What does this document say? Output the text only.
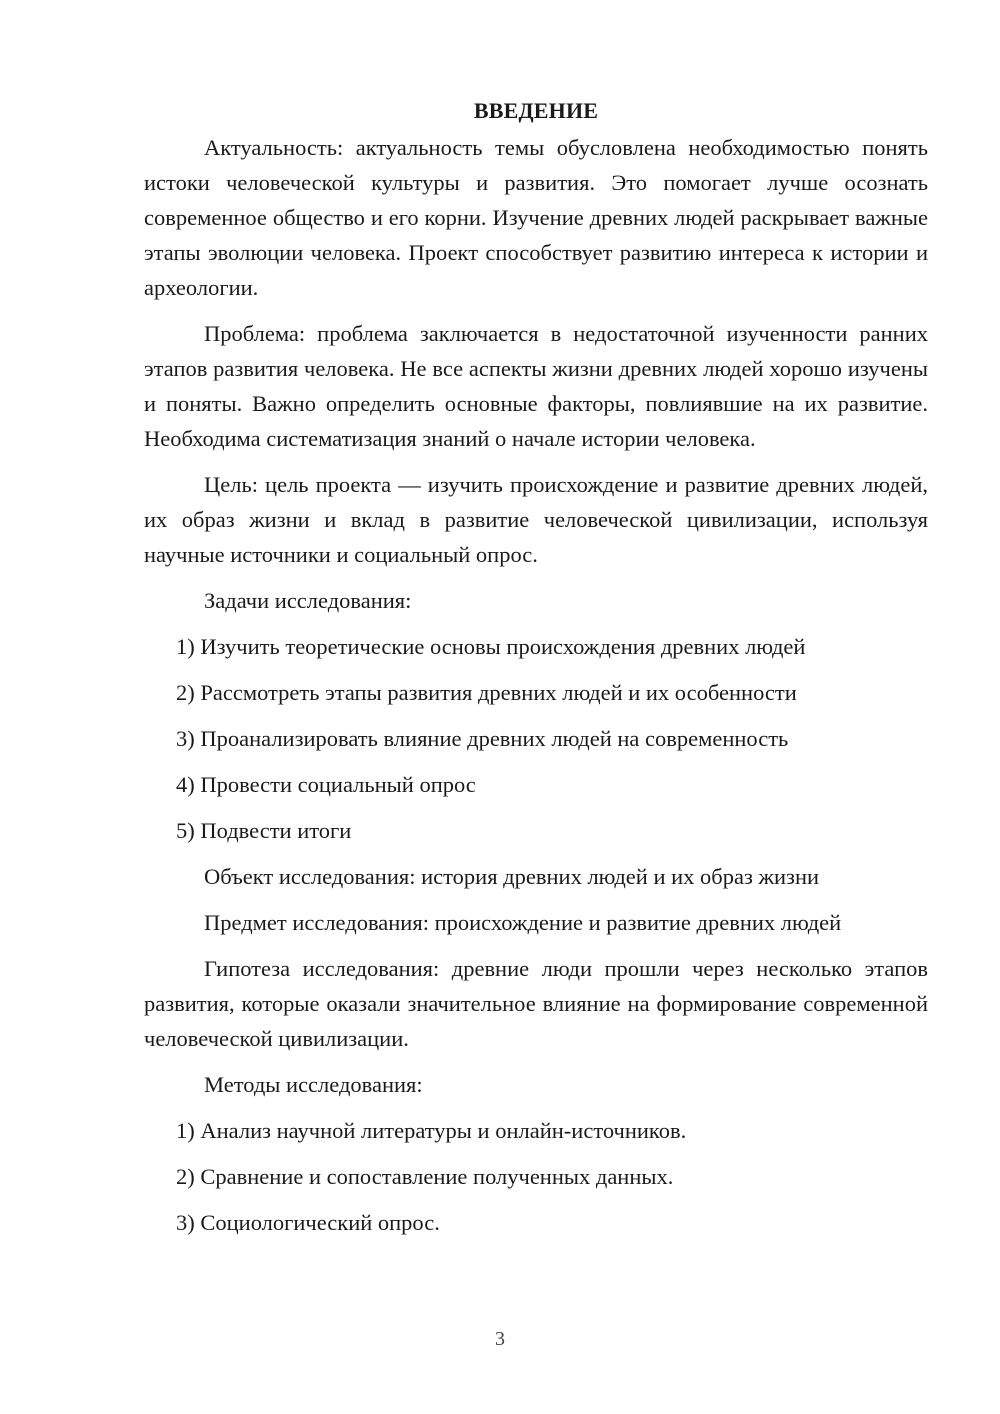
ВВЕДЕНИЕ

Актуальность: актуальность темы обусловлена необходимостью понять истоки человеческой культуры и развития. Это помогает лучше осознать современное общество и его корни. Изучение древних людей раскрывает важные этапы эволюции человека. Проект способствует развитию интереса к истории и археологии.

Проблема: проблема заключается в недостаточной изученности ранних этапов развития человека. Не все аспекты жизни древних людей хорошо изучены и поняты. Важно определить основные факторы, повлиявшие на их развитие. Необходима систематизация знаний о начале истории человека.

Цель: цель проекта — изучить происхождение и развитие древних людей, их образ жизни и вклад в развитие человеческой цивилизации, используя научные источники и социальный опрос.

Задачи исследования:

1) Изучить теоретические основы происхождения древних людей
2) Рассмотреть этапы развития древних людей и их особенности
3) Проанализировать влияние древних людей на современность
4) Провести социальный опрос
5) Подвести итоги

Объект исследования: история древних людей и их образ жизни

Предмет исследования: происхождение и развитие древних людей

Гипотеза исследования: древние люди прошли через несколько этапов развития, которые оказали значительное влияние на формирование современной человеческой цивилизации.

Методы исследования:

1) Анализ научной литературы и онлайн-источников.
2) Сравнение и сопоставление полученных данных.
3) Социологический опрос.
3
